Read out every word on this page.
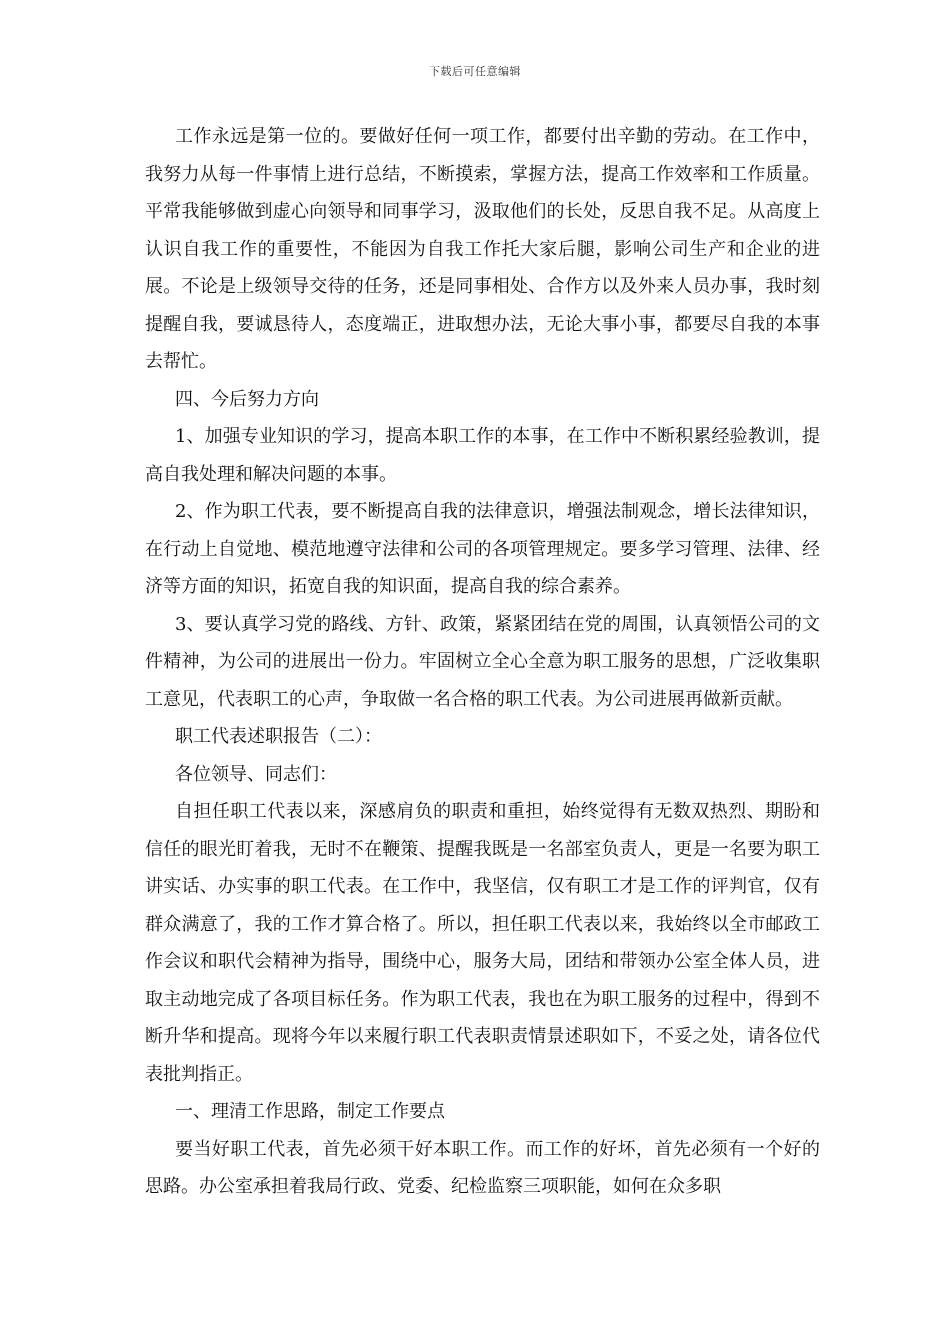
下载后可任意编辑

工作永远是第一位的。要做好任何一项工作，都要付出辛勤的劳动。在工作中，我努力从每一件事情上进行总结，不断摸索，掌握方法，提高工作效率和工作质量。平常我能够做到虚心向领导和同事学习，汲取他们的长处，反思自我不足。从高度上认识自我工作的重要性，不能因为自我工作托大家后腿，影响公司生产和企业的进展。不论是上级领导交待的任务，还是同事相处、合作方以及外来人员办事，我时刻提醒自我，要诚恳待人，态度端正，进取想办法，无论大事小事，都要尽自我的本事去帮忙。

四、今后努力方向

1、加强专业知识的学习，提高本职工作的本事，在工作中不断积累经验教训，提高自我处理和解决问题的本事。

2、作为职工代表，要不断提高自我的法律意识，增强法制观念，增长法律知识，在行动上自觉地、模范地遵守法律和公司的各项管理规定。要多学习管理、法律、经济等方面的知识，拓宽自我的知识面，提高自我的综合素养。

3、要认真学习党的路线、方针、政策，紧紧团结在党的周围，认真领悟公司的文件精神，为公司的进展出一份力。牢固树立全心全意为职工服务的思想，广泛收集职工意见，代表职工的心声，争取做一名合格的职工代表。为公司进展再做新贡献。

职工代表述职报告（二）：

各位领导、同志们：

自担任职工代表以来，深感肩负的职责和重担，始终觉得有无数双热烈、期盼和信任的眼光盯着我，无时不在鞭策、提醒我既是一名部室负责人，更是一名要为职工讲实话、办实事的职工代表。在工作中，我坚信，仅有职工才是工作的评判官，仅有群众满意了，我的工作才算合格了。所以，担任职工代表以来，我始终以全市邮政工作会议和职代会精神为指导，围绕中心，服务大局，团结和带领办公室全体人员，进取主动地完成了各项目标任务。作为职工代表，我也在为职工服务的过程中，得到不断升华和提高。现将今年以来履行职工代表职责情景述职如下，不妥之处，请各位代表批判指正。

一、理清工作思路，制定工作要点

要当好职工代表，首先必须干好本职工作。而工作的好坏，首先必须有一个好的思路。办公室承担着我局行政、党委、纪检监察三项职能，如何在众多职
